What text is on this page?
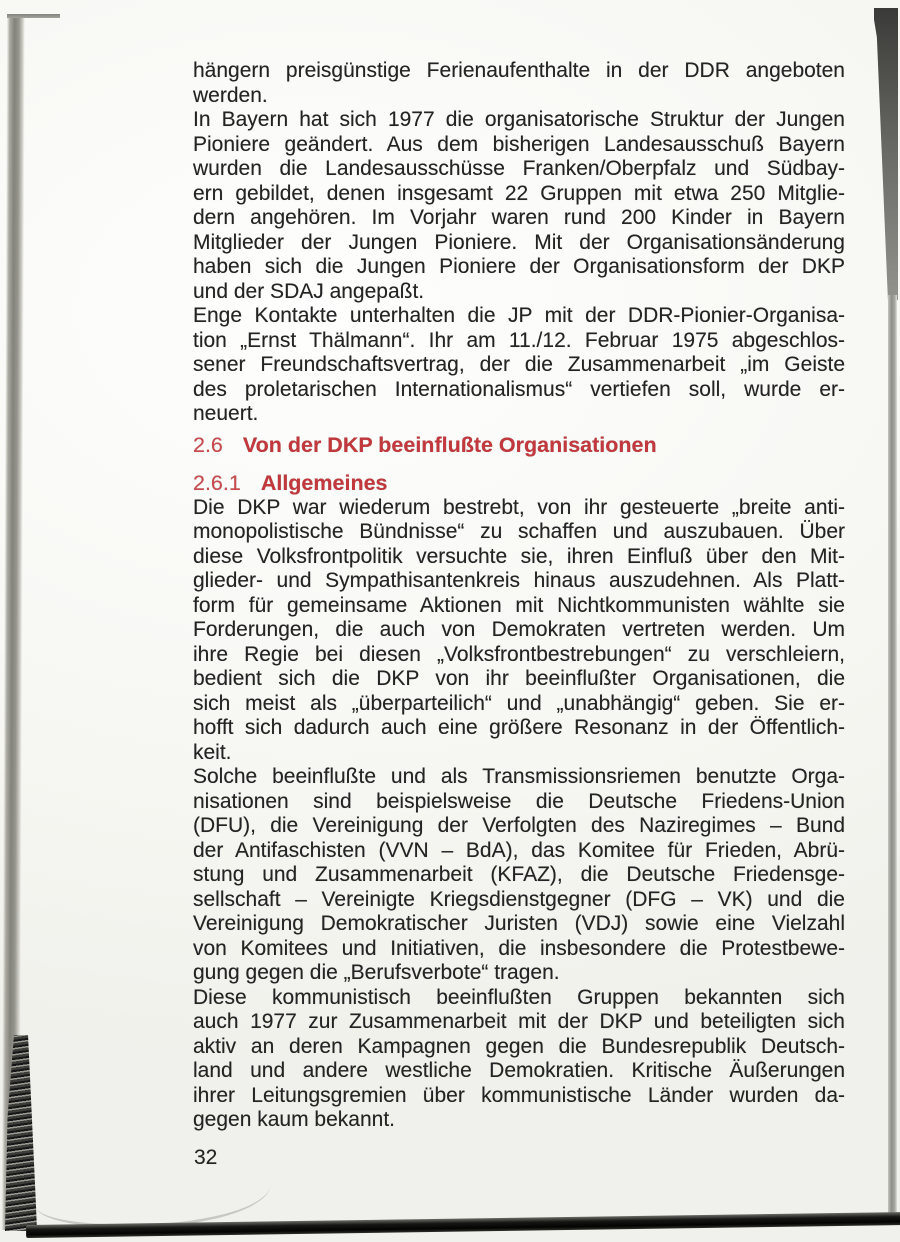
hängern preisgünstige Ferienaufenthalte in der DDR angeboten
werden.
In Bayern hat sich 1977 die organisatorische Struktur der Jungen
Pioniere geändert. Aus dem bisherigen Landesausschuß Bayern
wurden die Landesausschüsse Franken/Oberpfalz und Südbay-
ern gebildet, denen insgesamt 22 Gruppen mit etwa 250 Mitglie-
dern angehören. Im Vorjahr waren rund 200 Kinder in Bayern
Mitglieder der Jungen Pioniere. Mit der Organisationsänderung
haben sich die Jungen Pioniere der Organisationsform der DKP
und der SDAJ angepaßt.
Enge Kontakte unterhalten die JP mit der DDR-Pionier-Organisa-
tion „Ernst Thälmann“. Ihr am 11./12. Februar 1975 abgeschlos-
sener Freundschaftsvertrag, der die Zusammenarbeit „im Geiste
des proletarischen Internationalismus“ vertiefen soll, wurde er-
neuert.
2.6 Von der DKP beeinflußte Organisationen
2.6.1 Allgemeines
Die DKP war wiederum bestrebt, von ihr gesteuerte „breite anti-
monopolistische Bündnisse“ zu schaffen und auszubauen. Über
diese Volksfrontpolitik versuchte sie, ihren Einfluß über den Mit-
glieder- und Sympathisantenkreis hinaus auszudehnen. Als Platt-
form für gemeinsame Aktionen mit Nichtkommunisten wählte sie
Forderungen, die auch von Demokraten vertreten werden. Um
ihre Regie bei diesen „Volksfrontbestrebungen“ zu verschleiern,
bedient sich die DKP von ihr beeinflußter Organisationen, die
sich meist als „überparteilich“ und „unabhängig“ geben. Sie er-
hofft sich dadurch auch eine größere Resonanz in der Öffentlich-
keit.
Solche beeinflußte und als Transmissionsriemen benutzte Orga-
nisationen sind beispielsweise die Deutsche Friedens-Union
(DFU), die Vereinigung der Verfolgten des Naziregimes – Bund
der Antifaschisten (VVN – BdA), das Komitee für Frieden, Abrü-
stung und Zusammenarbeit (KFAZ), die Deutsche Friedensge-
sellschaft – Vereinigte Kriegsdienstgegner (DFG – VK) und die
Vereinigung Demokratischer Juristen (VDJ) sowie eine Vielzahl
von Komitees und Initiativen, die insbesondere die Protestbewe-
gung gegen die „Berufsverbote“ tragen.
Diese kommunistisch beeinflußten Gruppen bekannten sich
auch 1977 zur Zusammenarbeit mit der DKP und beteiligten sich
aktiv an deren Kampagnen gegen die Bundesrepublik Deutsch-
land und andere westliche Demokratien. Kritische Äußerungen
ihrer Leitungsgremien über kommunistische Länder wurden da-
gegen kaum bekannt.
32
